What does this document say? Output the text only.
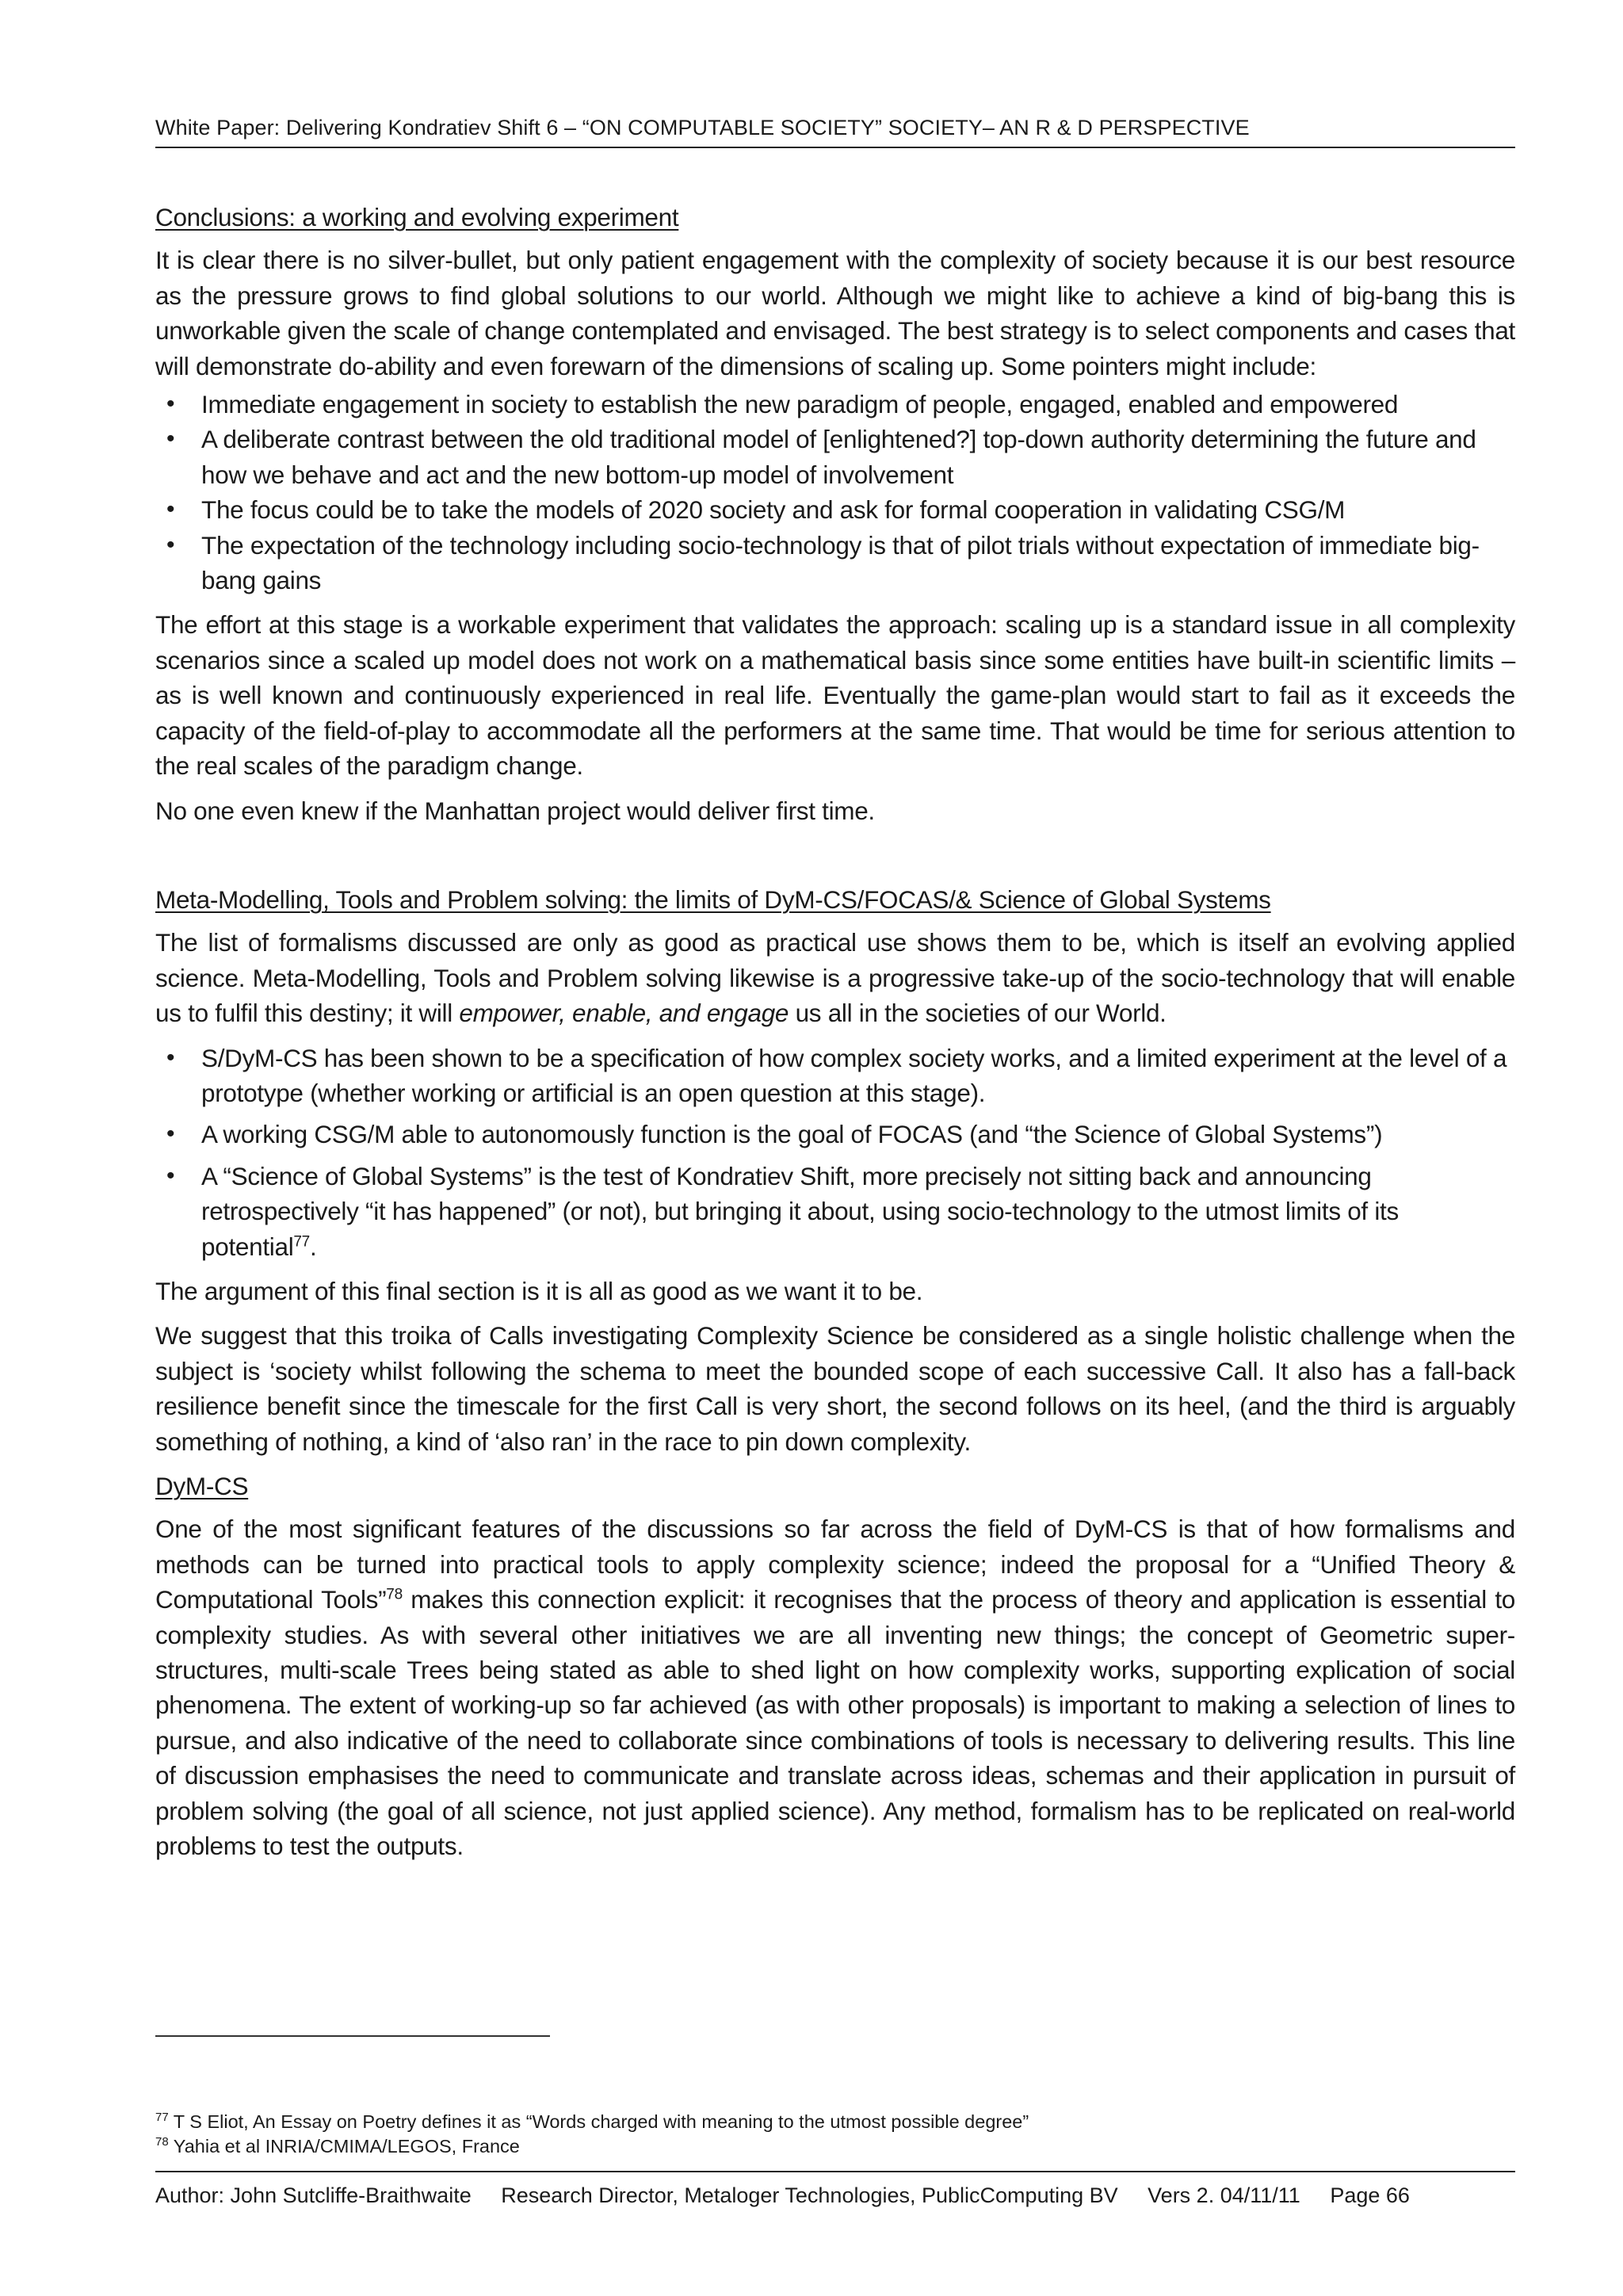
White Paper: Delivering Kondratiev Shift 6 – “ON COMPUTABLE SOCIETY” SOCIETY– AN R & D PERSPECTIVE
Conclusions: a working and evolving experiment

It is clear there is no silver-bullet, but only patient engagement with the complexity of society because it is our best resource as the pressure grows to find global solutions to our world. Although we might like to achieve a kind of big-bang this is unworkable given the scale of change contemplated and envisaged. The best strategy is to select components and cases that will demonstrate do-ability and even forewarn of the dimensions of scaling up. Some pointers might include:

• Immediate engagement in society to establish the new paradigm of people, engaged, enabled and empowered
• A deliberate contrast between the old traditional model of [enlightened?] top-down authority determining the future and how we behave and act and the new bottom-up model of involvement
• The focus could be to take the models of 2020 society and ask for formal cooperation in validating CSG/M
• The expectation of the technology including socio-technology is that of pilot trials without expectation of immediate big-bang gains

The effort at this stage is a workable experiment that validates the approach: scaling up is a standard issue in all complexity scenarios since a scaled up model does not work on a mathematical basis since some entities have built-in scientific limits – as is well known and continuously experienced in real life. Eventually the game-plan would start to fail as it exceeds the capacity of the field-of-play to accommodate all the performers at the same time. That would be time for serious attention to the real scales of the paradigm change.

No one even knew if the Manhattan project would deliver first time.

Meta-Modelling, Tools and Problem solving: the limits of DyM-CS/FOCAS/& Science of Global Systems

The list of formalisms discussed are only as good as practical use shows them to be, which is itself an evolving applied science. Meta-Modelling, Tools and Problem solving likewise is a progressive take-up of the socio-technology that will enable us to fulfil this destiny; it will empower, enable, and engage us all in the societies of our World.

• S/DyM-CS has been shown to be a specification of how complex society works, and a limited experiment at the level of a prototype (whether working or artificial is an open question at this stage).
• A working CSG/M able to autonomously function is the goal of FOCAS (and “the Science of Global Systems”)
• A “Science of Global Systems” is the test of Kondratiev Shift, more precisely not sitting back and announcing retrospectively “it has happened” (or not), but bringing it about, using socio-technology to the utmost limits of its potential$^{77}$.

The argument of this final section is it is all as good as we want it to be.

We suggest that this troika of Calls investigating Complexity Science be considered as a single holistic challenge when the subject is ‘society whilst following the schema to meet the bounded scope of each successive Call. It also has a fall-back resilience benefit since the timescale for the first Call is very short, the second follows on its heel, (and the third is arguably something of nothing, a kind of ‘also ran’ in the race to pin down complexity.

DyM-CS

One of the most significant features of the discussions so far across the field of DyM-CS is that of how formalisms and methods can be turned into practical tools to apply complexity science; indeed the proposal for a “Unified Theory & Computational Tools”$^{78}$ makes this connection explicit: it recognises that the process of theory and application is essential to complexity studies. As with several other initiatives we are all inventing new things; the concept of Geometric super-structures, multi-scale Trees being stated as able to shed light on how complexity works, supporting explication of social phenomena. The extent of working-up so far achieved (as with other proposals) is important to making a selection of lines to pursue, and also indicative of the need to collaborate since combinations of tools is necessary to delivering results. This line of discussion emphasises the need to communicate and translate across ideas, schemas and their application in pursuit of problem solving (the goal of all science, not just applied science). Any method, formalism has to be replicated on real-world problems to test the outputs.

$^{77}$ T S Eliot, An Essay on Poetry defines it as “Words charged with meaning to the utmost possible degree”
$^{78}$ Yahia et al INRIA/CMIMA/LEGOS, France
Author: John Sutcliffe-Braithwaite Research Director, Metaloger Technologies, PublicComputing BV Vers 2. 04/11/11 Page 66
